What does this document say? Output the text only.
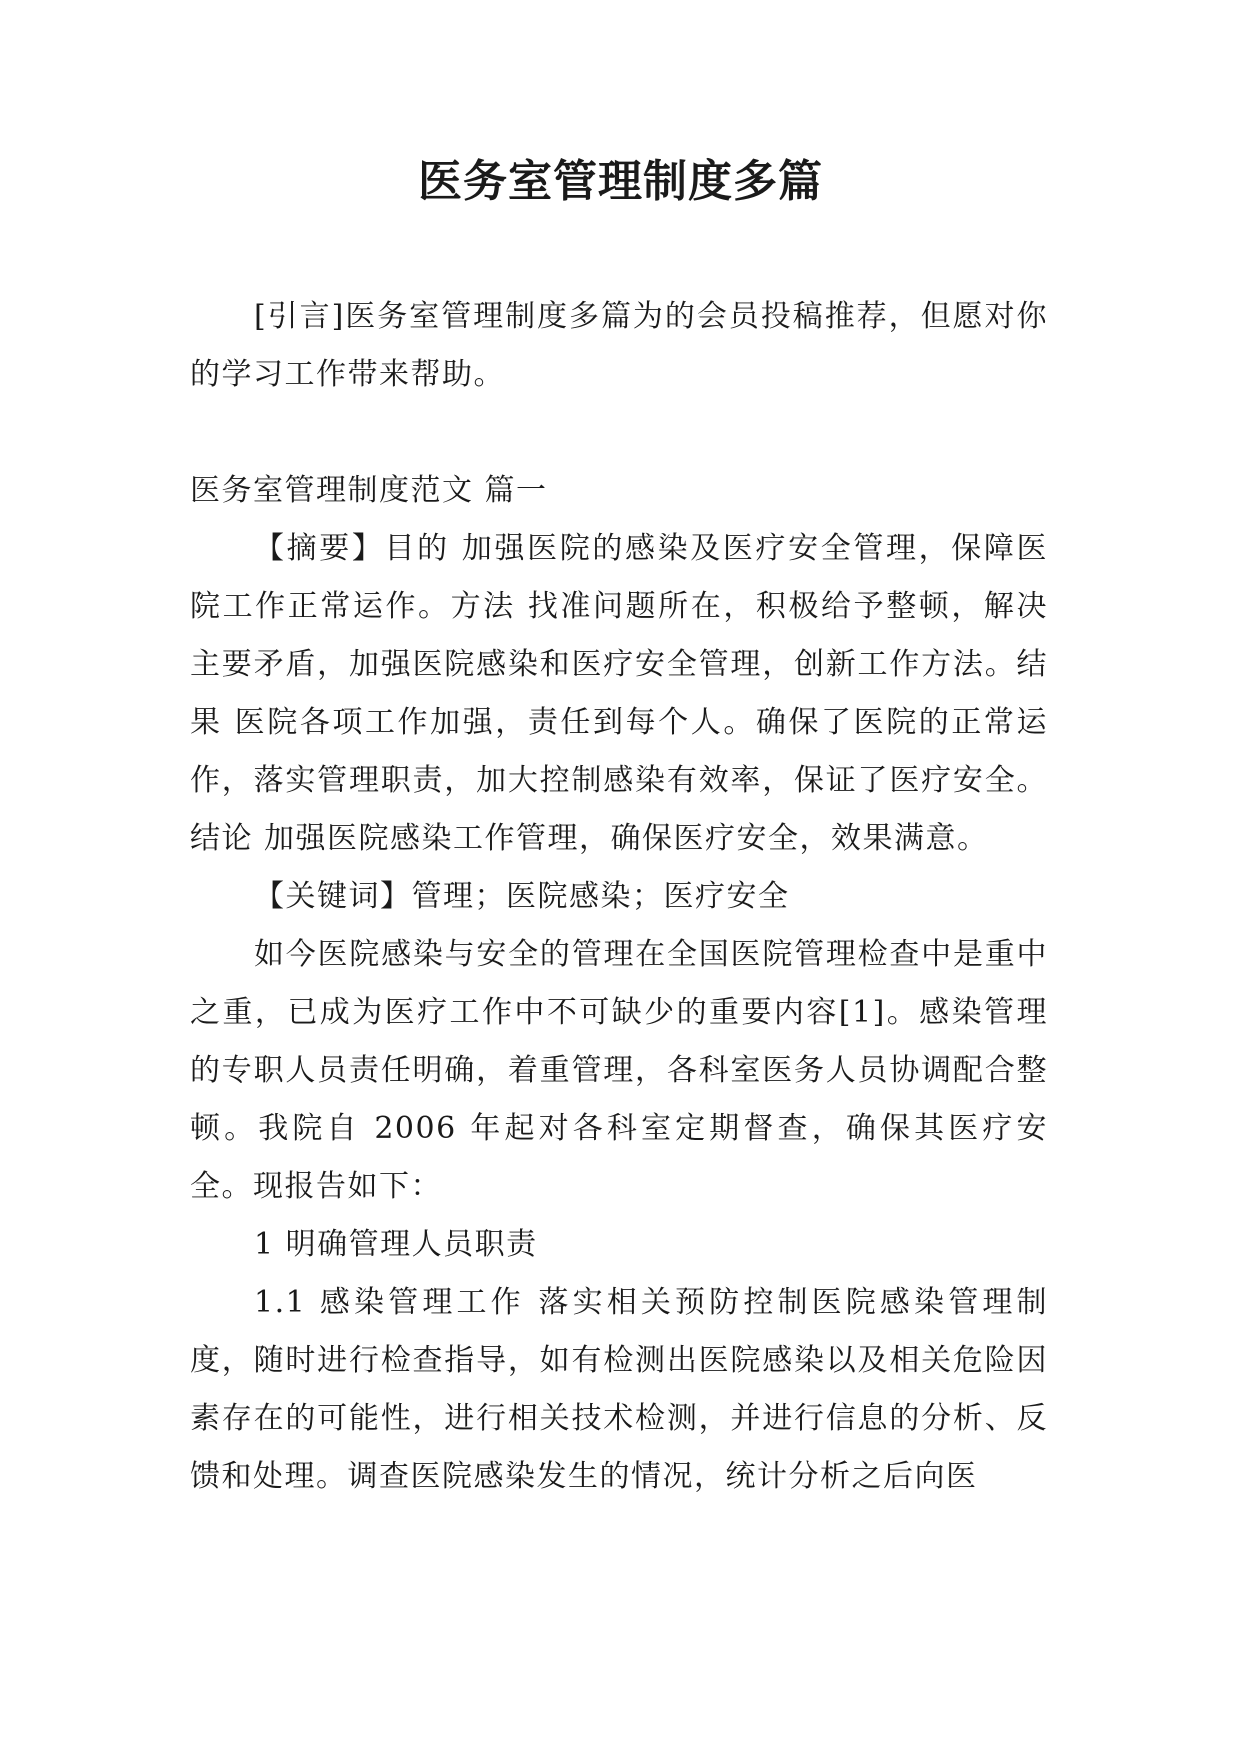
医务室管理制度多篇

[引言]医务室管理制度多篇为的会员投稿推荐，但愿对你的学习工作带来帮助。

医务室管理制度范文 篇一

【摘要】目的 加强医院的感染及医疗安全管理，保障医院工作正常运作。方法 找准问题所在，积极给予整顿，解决主要矛盾，加强医院感染和医疗安全管理，创新工作方法。结果 医院各项工作加强，责任到每个人。确保了医院的正常运作，落实管理职责，加大控制感染有效率，保证了医疗安全。结论 加强医院感染工作管理，确保医疗安全，效果满意。

【关键词】管理；医院感染；医疗安全

如今医院感染与安全的管理在全国医院管理检查中是重中之重，已成为医疗工作中不可缺少的重要内容[1]。感染管理的专职人员责任明确，着重管理，各科室医务人员协调配合整顿。我院自 2006 年起对各科室定期督查，确保其医疗安全。现报告如下：

1 明确管理人员职责

1.1 感染管理工作 落实相关预防控制医院感染管理制度，随时进行检查指导，如有检测出医院感染以及相关危险因素存在的可能性，进行相关技术检测，并进行信息的分析、反馈和处理。调查医院感染发生的情况，统计分析之后向医
